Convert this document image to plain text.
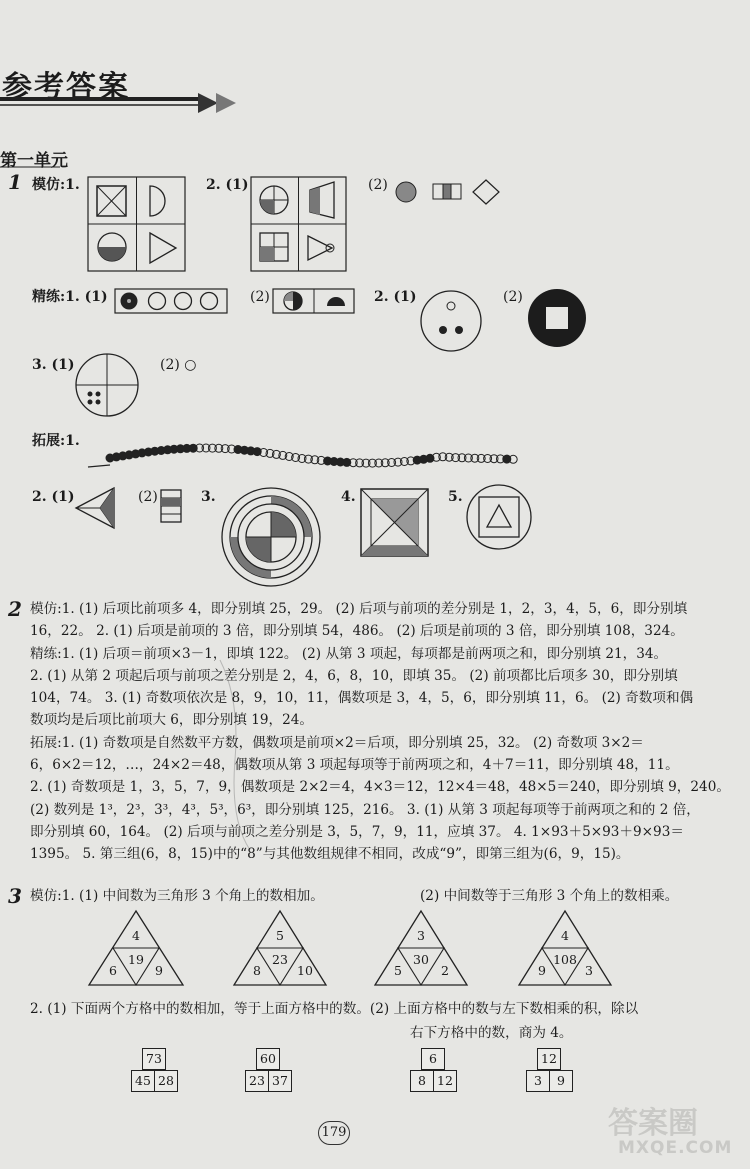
参考答案
第一单元
1 模仿:1.	2. (1)	(2)
精练:1. (1)	(2)	2. (1)	(2)
3. (1)	(2) ○
拓展:1.
2. (1)	(2)	3.	4.	5.
2 模仿:1. (1) 后项比前项多 4，即分别填 25，29。 (2) 后项与前项的差分别是 1，2，3，4，5，6，即分别填
16，22。 2. (1) 后项是前项的 3 倍，即分别填 54，486。 (2) 后项是前项的 3 倍，即分别填 108，324。
精练:1. (1) 后项＝前项×3－1，即填 122。 (2) 从第 3 项起，每项都是前两项之和，即分别填 21，34。
2. (1) 从第 2 项起后项与前项之差分别是 2，4，6，8，10，即填 35。 (2) 前项都比后项多 30，即分别填
104，74。 3. (1) 奇数项依次是 8，9，10，11，偶数项是 3，4，5，6，即分别填 11，6。 (2) 奇数项和偶
数项均是后项比前项大 6，即分别填 19，24。
拓展:1. (1) 奇数项是自然数平方数，偶数项是前项×2＝后项，即分别填 25，32。 (2) 奇数项 3×2＝
6，6×2＝12，…，24×2＝48，偶数项从第 3 项起每项等于前两项之和，4＋7＝11，即分别填 48，11。
2. (1) 奇数项是 1，3，5，7，9，偶数项是 2×2＝4，4×3＝12，12×4＝48，48×5＝240，即分别填 9，240。
(2) 数列是 1³，2³，3³，4³，5³，6³，即分别填 125，216。 3. (1) 从第 3 项起每项等于前两项之和的 2 倍，
即分别填 60，164。 (2) 后项与前项之差分别是 3，5，7，9，11，应填 37。 4. 1×93＋5×93＋9×93＝
1395。 5. 第三组(6，8，15)中的“8”与其他数组规律不相同，改成“9”，即第三组为(6，9，15)。
3 模仿:1. (1) 中间数为三角形 3 个角上的数相加。	(2) 中间数等于三角形 3 个角上的数相乘。
4
19
6	9
5
23
8	10
3
30
5	2
4
108
9	3
2. (1) 下面两个方格中的数相加，等于上面方格中的数。(2) 上面方格中的数与左下数相乘的积，除以
右下方格中的数，商为 4。
73
45 28
60
23 37
6
8 12
12
3	9
179	答案圈
MXQE.COM
